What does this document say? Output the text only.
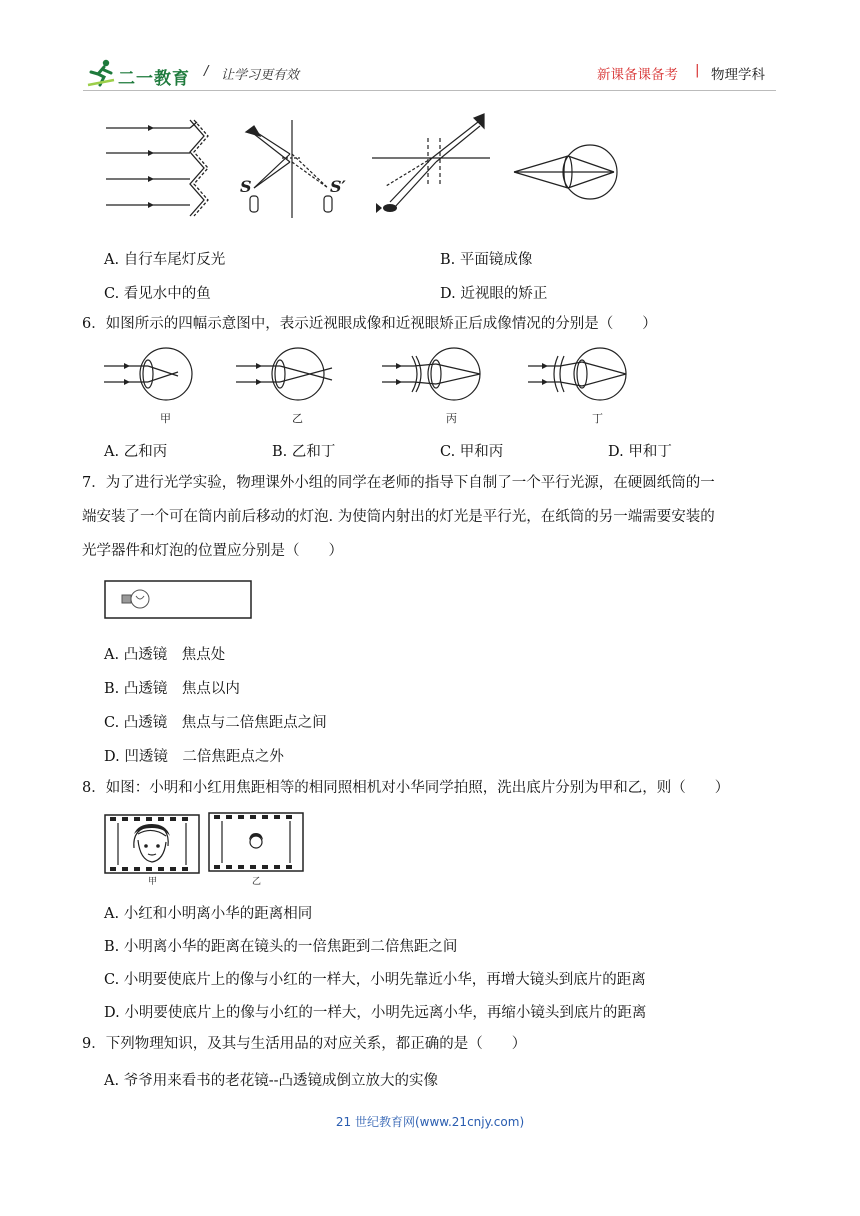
二一教育 / 让学习更有效	新课备课备考 | 物理学科
S	S′
A. 自行车尾灯反光	B. 平面镜成像
C. 看见水中的鱼	D. 近视眼的矫正
6．如图所示的四幅示意图中，表示近视眼成像和近视眼矫正后成像情况的分别是（　　）
甲	乙	丙	丁
A. 乙和丙	B. 乙和丁	C. 甲和丙	D. 甲和丁
7．为了进行光学实验，物理课外小组的同学在老师的指导下自制了一个平行光源，在硬圆纸筒的一
端安装了一个可在筒内前后移动的灯泡. 为使筒内射出的灯光是平行光，在纸筒的另一端需要安装的
光学器件和灯泡的位置应分别是（　　）
A. 凸透镜　焦点处
B. 凸透镜　焦点以内
C. 凸透镜　焦点与二倍焦距点之间
D. 凹透镜　二倍焦距点之外
8．如图：小明和小红用焦距相等的相同照相机对小华同学拍照，洗出底片分别为甲和乙，则（　　）
甲	乙
A. 小红和小明离小华的距离相同
B. 小明离小华的距离在镜头的一倍焦距到二倍焦距之间
C. 小明要使底片上的像与小红的一样大，小明先靠近小华，再增大镜头到底片的距离
D. 小明要使底片上的像与小红的一样大，小明先远离小华，再缩小镜头到底片的距离
9．下列物理知识，及其与生活用品的对应关系，都正确的是（　　）
A. 爷爷用来看书的老花镜--凸透镜成倒立放大的实像
21 世纪教育网(www.21cnjy.com)
